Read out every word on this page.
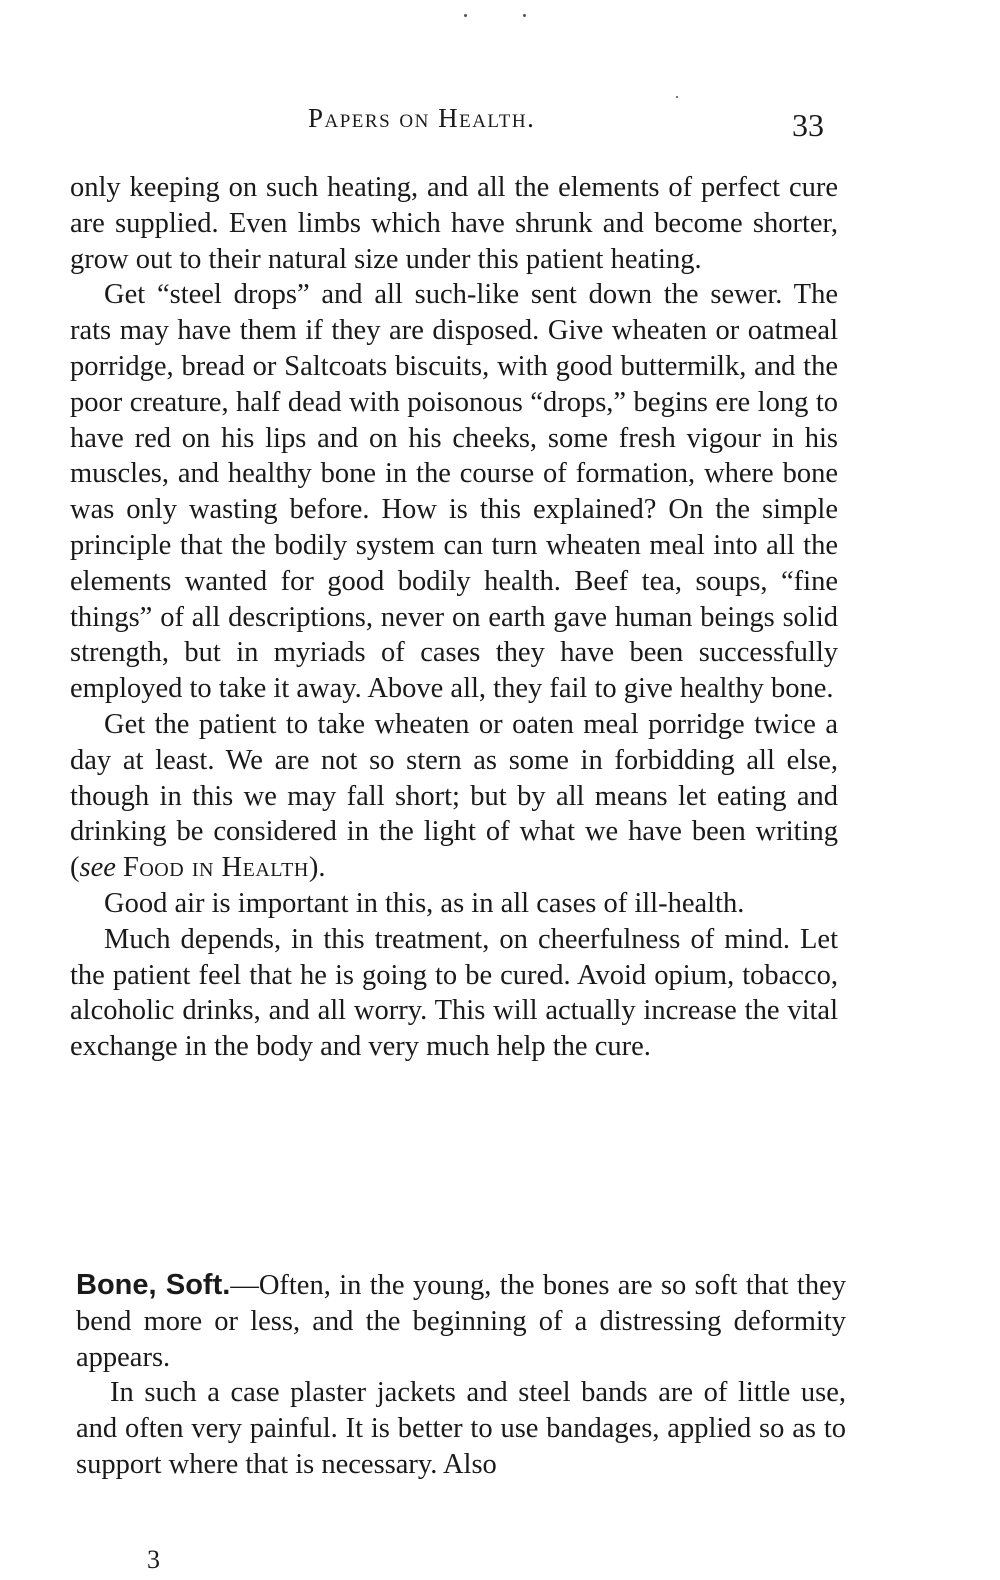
Papers on Health.	33

only keeping on such heating, and all the elements of perfect cure are supplied. Even limbs which have shrunk and become shorter, grow out to their natural size under this patient heating.

Get “steel drops” and all such-like sent down the sewer. The rats may have them if they are disposed. Give wheaten or oatmeal porridge, bread or Saltcoats biscuits, with good buttermilk, and the poor creature, half dead with poisonous “drops,” begins ere long to have red on his lips and on his cheeks, some fresh vigour in his muscles, and healthy bone in the course of formation, where bone was only wasting before. How is this explained? On the simple principle that the bodily system can turn wheaten meal into all the elements wanted for good bodily health. Beef tea, soups, “fine things” of all descriptions, never on earth gave human beings solid strength, but in myriads of cases they have been successfully employed to take it away. Above all, they fail to give healthy bone.

Get the patient to take wheaten or oaten meal porridge twice a day at least. We are not so stern as some in forbidding all else, though in this we may fall short; but by all means let eating and drinking be considered in the light of what we have been writing (see Food in Health).

Good air is important in this, as in all cases of ill-health.

Much depends, in this treatment, on cheerfulness of mind. Let the patient feel that he is going to be cured. Avoid opium, tobacco, alcoholic drinks, and all worry. This will actually increase the vital exchange in the body and very much help the cure.

Bone, Soft.—Often, in the young, the bones are so soft that they bend more or less, and the beginning of a distressing deformity appears.

In such a case plaster jackets and steel bands are of little use, and often very painful. It is better to use bandages, applied so as to support where that is necessary. Also

3
